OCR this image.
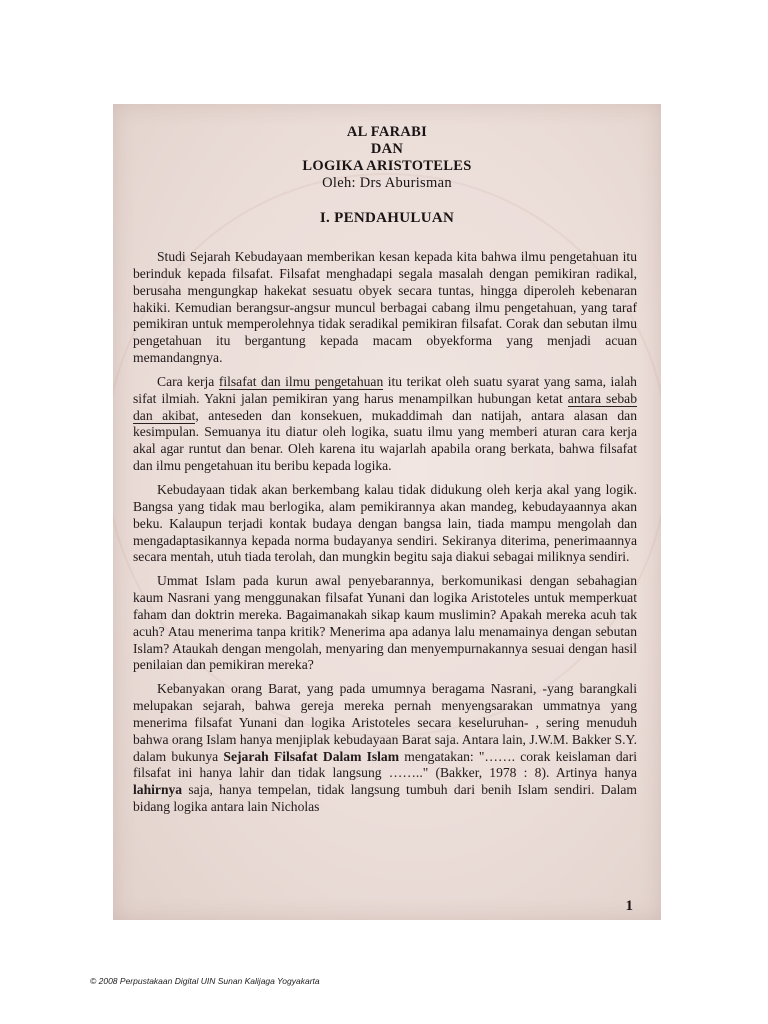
AL FARABI
DAN
LOGIKA ARISTOTELES
Oleh: Drs Aburisman
I. PENDAHULUAN

Studi Sejarah Kebudayaan memberikan kesan kepada kita bahwa ilmu pengetahuan itu berinduk kepada filsafat. Filsafat menghadapi segala masalah dengan pemikiran radikal, berusaha mengungkap hakekat sesuatu obyek secara tuntas, hingga diperoleh kebenaran hakiki. Kemudian berangsur-angsur muncul berbagai cabang ilmu pengetahuan, yang taraf pemikiran untuk memperolehnya tidak seradikal pemikiran filsafat. Corak dan sebutan ilmu pengetahuan itu bergantung kepada macam obyekforma yang menjadi acuan memandangnya.

Cara kerja filsafat dan ilmu pengetahuan itu terikat oleh suatu syarat yang sama, ialah sifat ilmiah. Yakni jalan pemikiran yang harus menampilkan hubungan ketat antara sebab dan akibat, anteseden dan konsekuen, mukaddimah dan natijah, antara alasan dan kesimpulan. Semuanya itu diatur oleh logika, suatu ilmu yang memberi aturan cara kerja akal agar runtut dan benar. Oleh karena itu wajarlah apabila orang berkata, bahwa filsafat dan ilmu pengetahuan itu beribu kepada logika.

Kebudayaan tidak akan berkembang kalau tidak didukung oleh kerja akal yang logik. Bangsa yang tidak mau berlogika, alam pemikirannya akan mandeg, kebudayaannya akan beku. Kalaupun terjadi kontak budaya dengan bangsa lain, tiada mampu mengolah dan mengadaptasikannya kepada norma budayanya sendiri. Sekiranya diterima, penerimaannya secara mentah, utuh tiada terolah, dan mungkin begitu saja diakui sebagai miliknya sendiri.

Ummat Islam pada kurun awal penyebarannya, berkomunikasi dengan sebahagian kaum Nasrani yang menggunakan filsafat Yunani dan logika Aristoteles untuk memperkuat faham dan doktrin mereka. Bagaimanakah sikap kaum muslimin? Apakah mereka acuh tak acuh? Atau menerima tanpa kritik? Menerima apa adanya lalu menamainya dengan sebutan Islam? Ataukah dengan mengolah, menyaring dan menyempurnakannya sesuai dengan hasil penilaian dan pemikiran mereka?

Kebanyakan orang Barat, yang pada umumnya beragama Nasrani, -yang barangkali melupakan sejarah, bahwa gereja mereka pernah menyengsarakan ummatnya yang menerima filsafat Yunani dan logika Aristoteles secara keseluruhan- , sering menuduh bahwa orang Islam hanya menjiplak kebudayaan Barat saja. Antara lain, J.W.M. Bakker S.Y. dalam bukunya Sejarah Filsafat Dalam Islam mengatakan: "……. corak keislaman dari filsafat ini hanya lahir dan tidak langsung …….." (Bakker, 1978 : 8). Artinya hanya lahirnya saja, hanya tempelan, tidak langsung tumbuh dari benih Islam sendiri. Dalam bidang logika antara lain Nicholas

1
© 2008 Perpustakaan Digital UIN Sunan Kalijaga Yogyakarta
